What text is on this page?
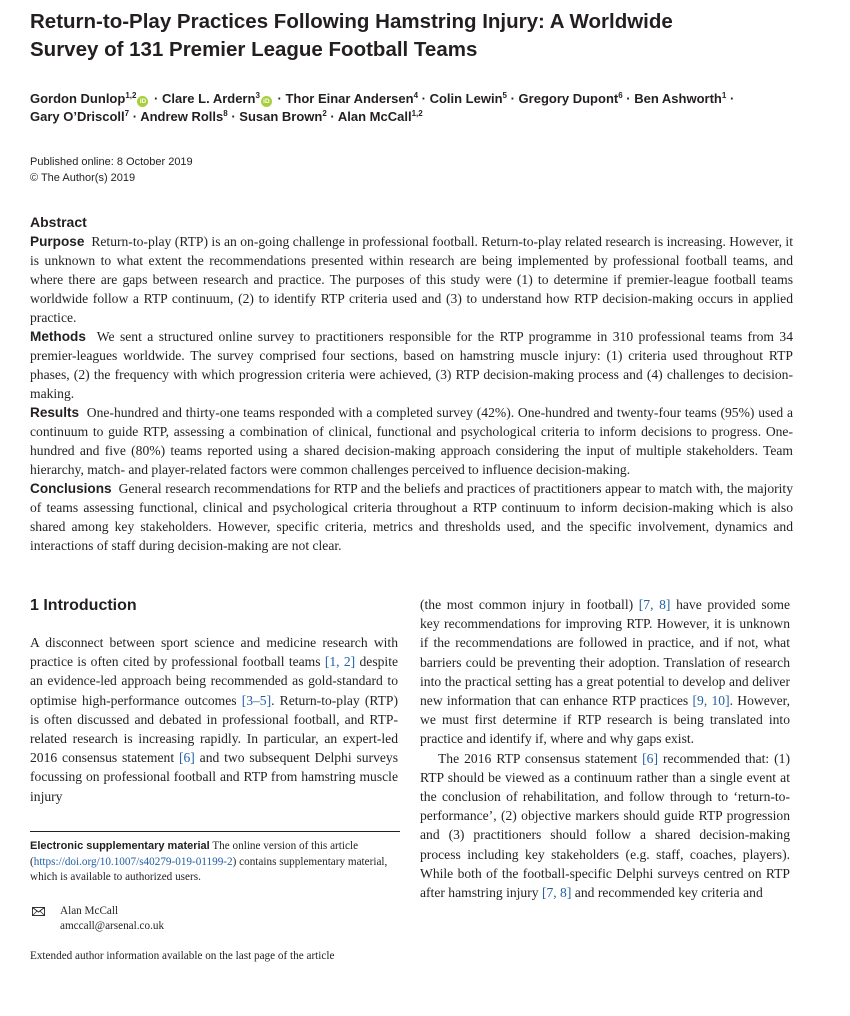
Return-to-Play Practices Following Hamstring Injury: A Worldwide
Survey of 131 Premier League Football Teams
Gordon Dunlop$^{1,2}$iD · Clare L. Ardern$^3$iD · Thor Einar Andersen$^4$ · Colin Lewin$^5$ · Gregory Dupont$^6$ · Ben Ashworth$^1$ ·
Gary O’Driscoll$^7$ · Andrew Rolls$^8$ · Susan Brown$^2$ · Alan McCall$^{1,2}$
Published online: 8 October 2019
© The Author(s) 2019
Abstract

Purpose Return-to-play (RTP) is an on-going challenge in professional football. Return-to-play related research is increasing. However, it is unknown to what extent the recommendations presented within research are being implemented by professional football teams, and where there are gaps between research and practice. The purposes of this study were (1) to determine if premier-league football teams worldwide follow a RTP continuum, (2) to identify RTP criteria used and (3) to understand how RTP decision-making occurs in applied practice.

Methods We sent a structured online survey to practitioners responsible for the RTP programme in 310 professional teams from 34 premier-leagues worldwide. The survey comprised four sections, based on hamstring muscle injury: (1) criteria used throughout RTP phases, (2) the frequency with which progression criteria were achieved, (3) RTP decision-making process and (4) challenges to decision-making.

Results One-hundred and thirty-one teams responded with a completed survey (42%). One-hundred and twenty-four teams (95%) used a continuum to guide RTP, assessing a combination of clinical, functional and psychological criteria to inform decisions to progress. One-hundred and five (80%) teams reported using a shared decision-making approach considering the input of multiple stakeholders. Team hierarchy, match- and player-related factors were common challenges perceived to influence decision-making.

Conclusions General research recommendations for RTP and the beliefs and practices of practitioners appear to match with, the majority of teams assessing functional, clinical and psychological criteria throughout a RTP continuum to inform decision-making which is also shared among key stakeholders. However, specific criteria, metrics and thresholds used, and the specific involvement, dynamics and interactions of staff during decision-making are not clear.

1 Introduction

A disconnect between sport science and medicine research with practice is often cited by professional football teams [1, 2] despite an evidence-led approach being recommended as gold-standard to optimise high-performance outcomes [3–5]. Return-to-play (RTP) is often discussed and debated in professional football, and RTP-related research is increasing rapidly. In particular, an expert-led 2016 consensus statement [6] and two subsequent Delphi surveys focussing on professional football and RTP from hamstring muscle injury

(the most common injury in football) [7, 8] have provided some key recommendations for improving RTP. However, it is unknown if the recommendations are followed in practice, and if not, what barriers could be preventing their adoption. Translation of research into the practical setting has a great potential to develop and deliver new information that can enhance RTP practices [9, 10]. However, we must first determine if RTP research is being translated into practice and identify if, where and why gaps exist.

The 2016 RTP consensus statement [6] recommended that: (1) RTP should be viewed as a continuum rather than a single event at the conclusion of rehabilitation, and follow through to ‘return-to-performance’, (2) objective markers should guide RTP progression and (3) practitioners should follow a shared decision-making process including key stakeholders (e.g. staff, coaches, players). While both of the football-specific Delphi surveys centred on RTP after hamstring injury [7, 8] and recommended key criteria and

Electronic supplementary material The online version of this article (https://doi.org/10.1007/s40279-019-01199-2) contains supplementary material, which is available to authorized users.
Alan McCall
amccall@arsenal.co.uk
Extended author information available on the last page of the article
